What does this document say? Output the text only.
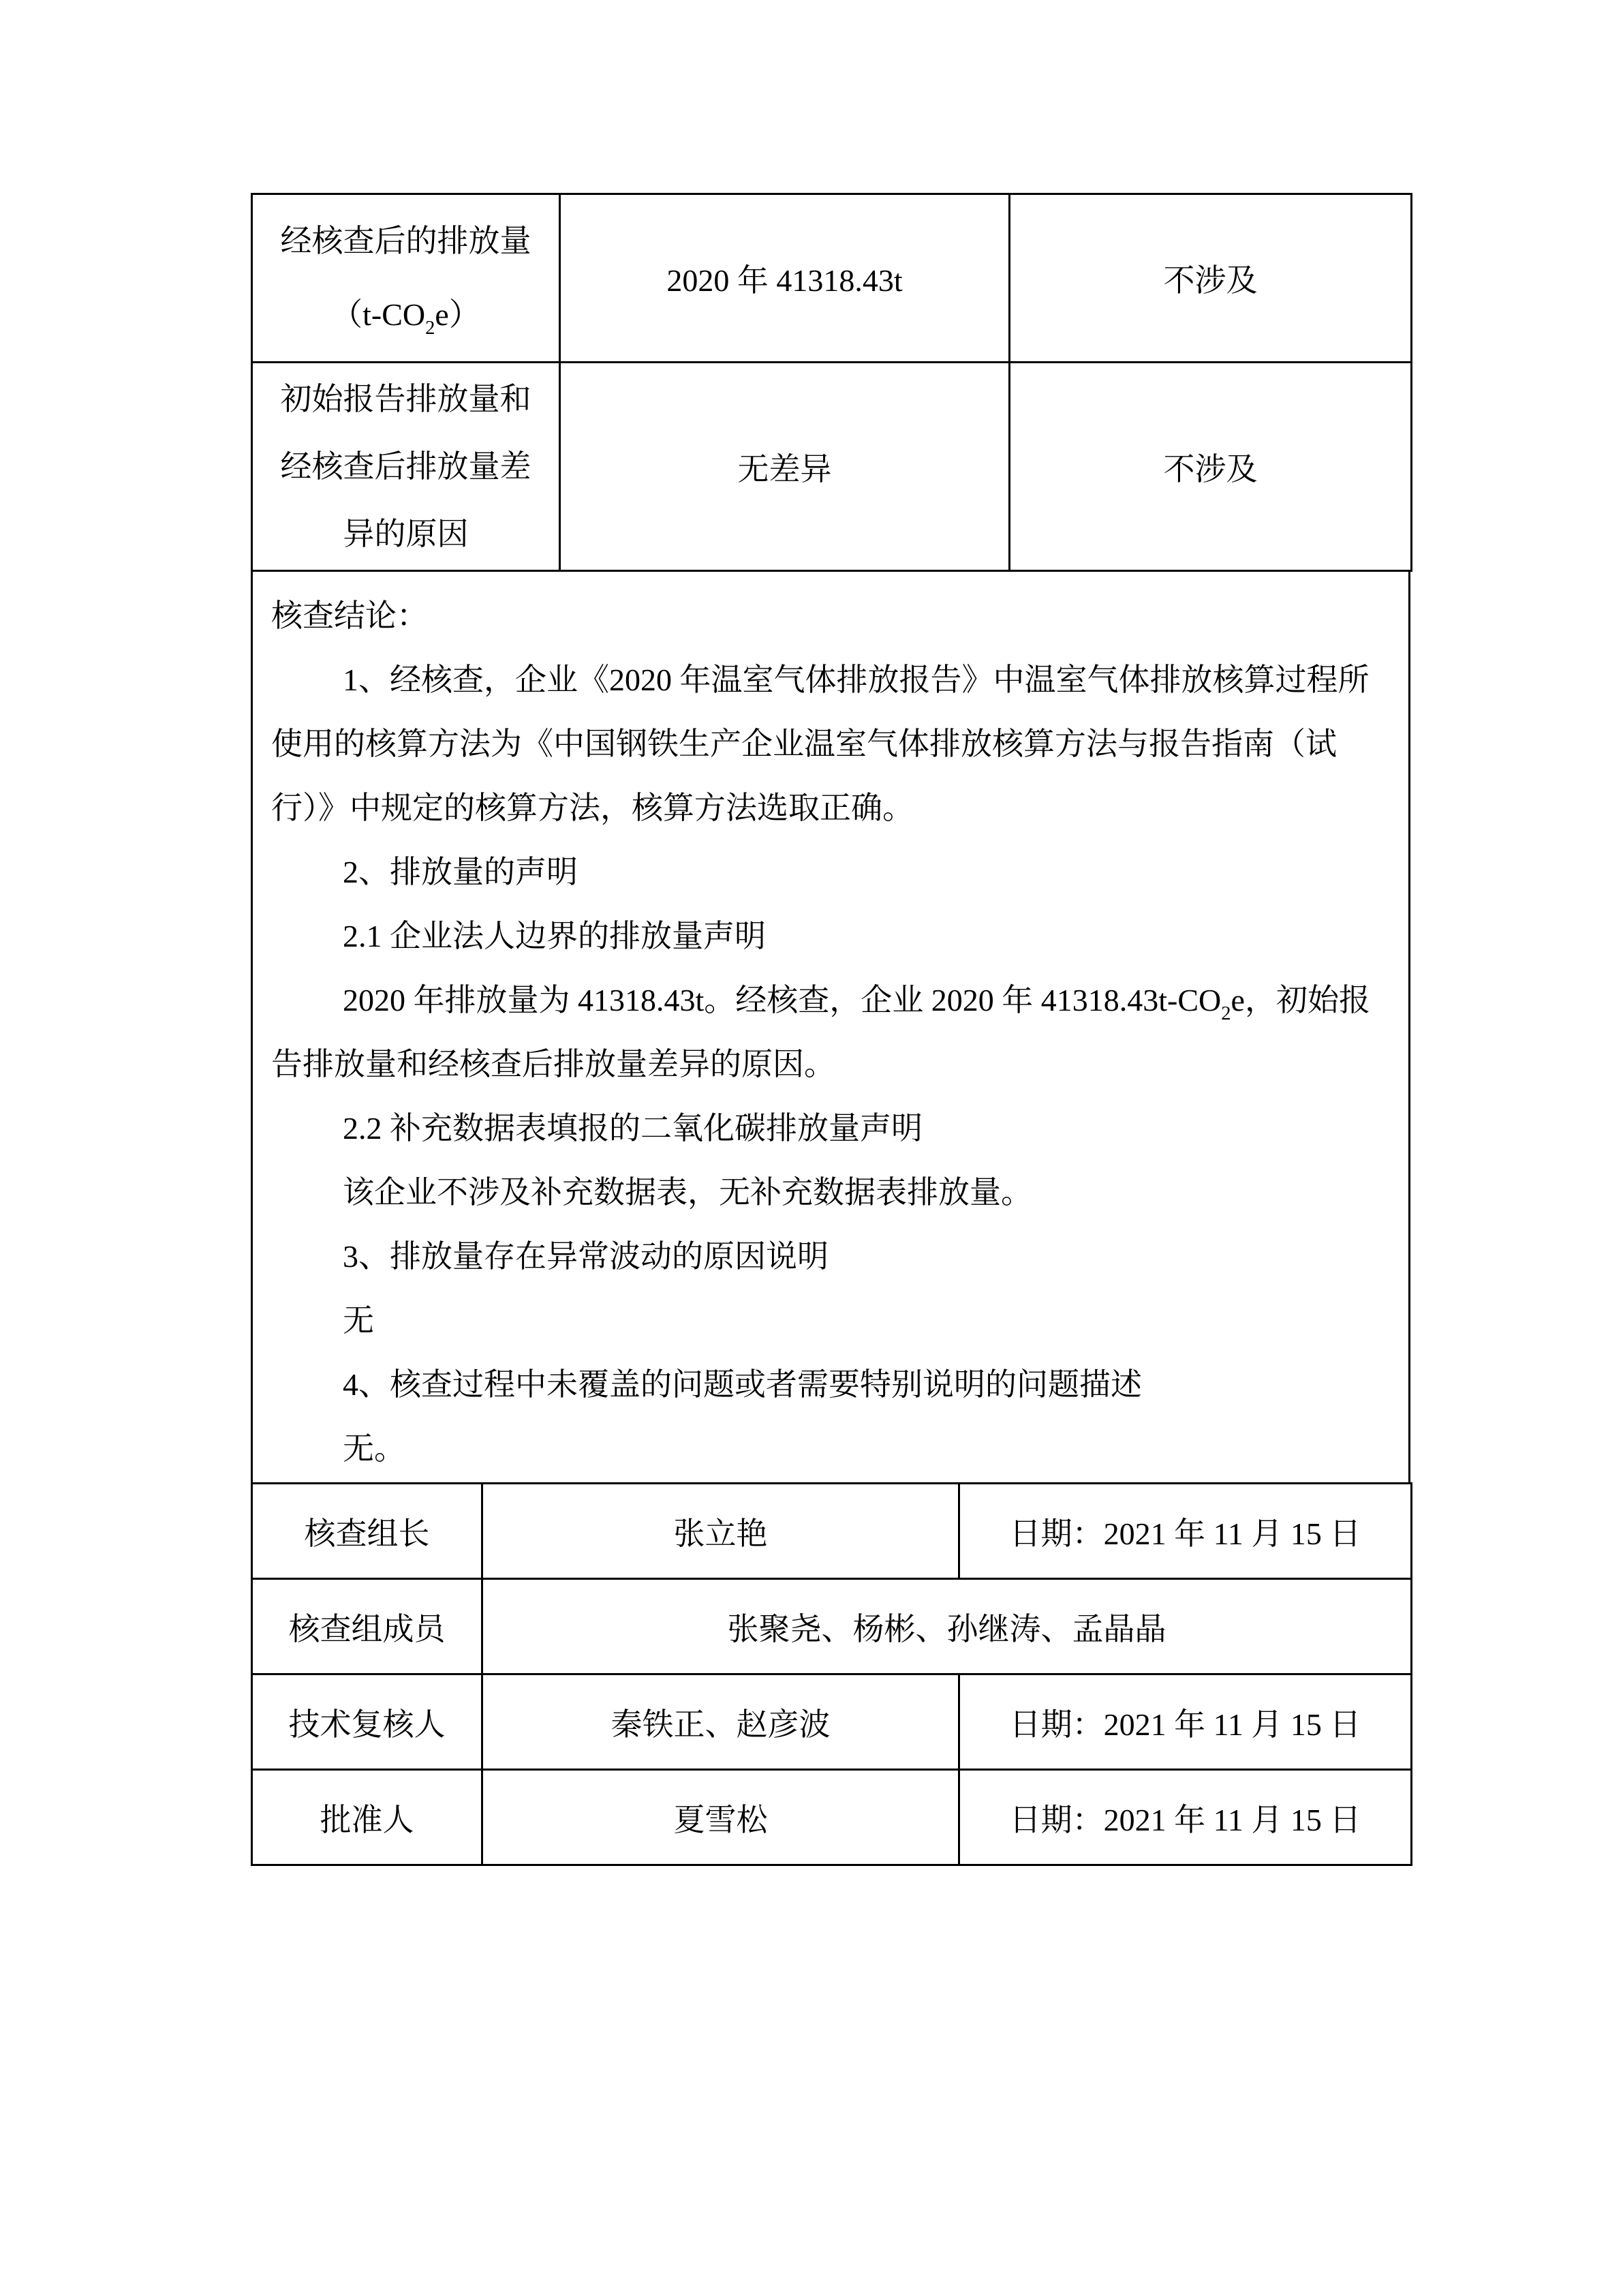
经核查后的排放量
$(t-CO_2e)$	2020 年 41318.43t	不涉及

初始报告排放量和
经核查后排放量差
异的原因	无差异	不涉及
核查结论：
1、经核查，企业《2020 年温室气体排放报告》中温室气体排放核算过程所
使用的核算方法为《中国钢铁生产企业温室气体排放核算方法与报告指南（试
行）》中规定的核算方法，核算方法选取正确。
2、排放量的声明
2.1 企业法人边界的排放量声明
2020 年排放量为 41318.43t。经核查，企业 2020 年 $41318.43t-CO_2e$，初始报
告排放量和经核查后排放量差异的原因。
2.2 补充数据表填报的二氧化碳排放量声明
该企业不涉及补充数据表，无补充数据表排放量。
3、排放量存在异常波动的原因说明
无
4、核查过程中未覆盖的问题或者需要特别说明的问题描述
无。
核查组长	张立艳	日期：2021 年 11 月 15 日
核查组成员	张聚尧、杨彬、孙继涛、孟晶晶	
技术复核人	秦铁正、赵彦波	日期：2021 年 11 月 15 日
批准人	夏雪松	日期：2021 年 11 月 15 日
